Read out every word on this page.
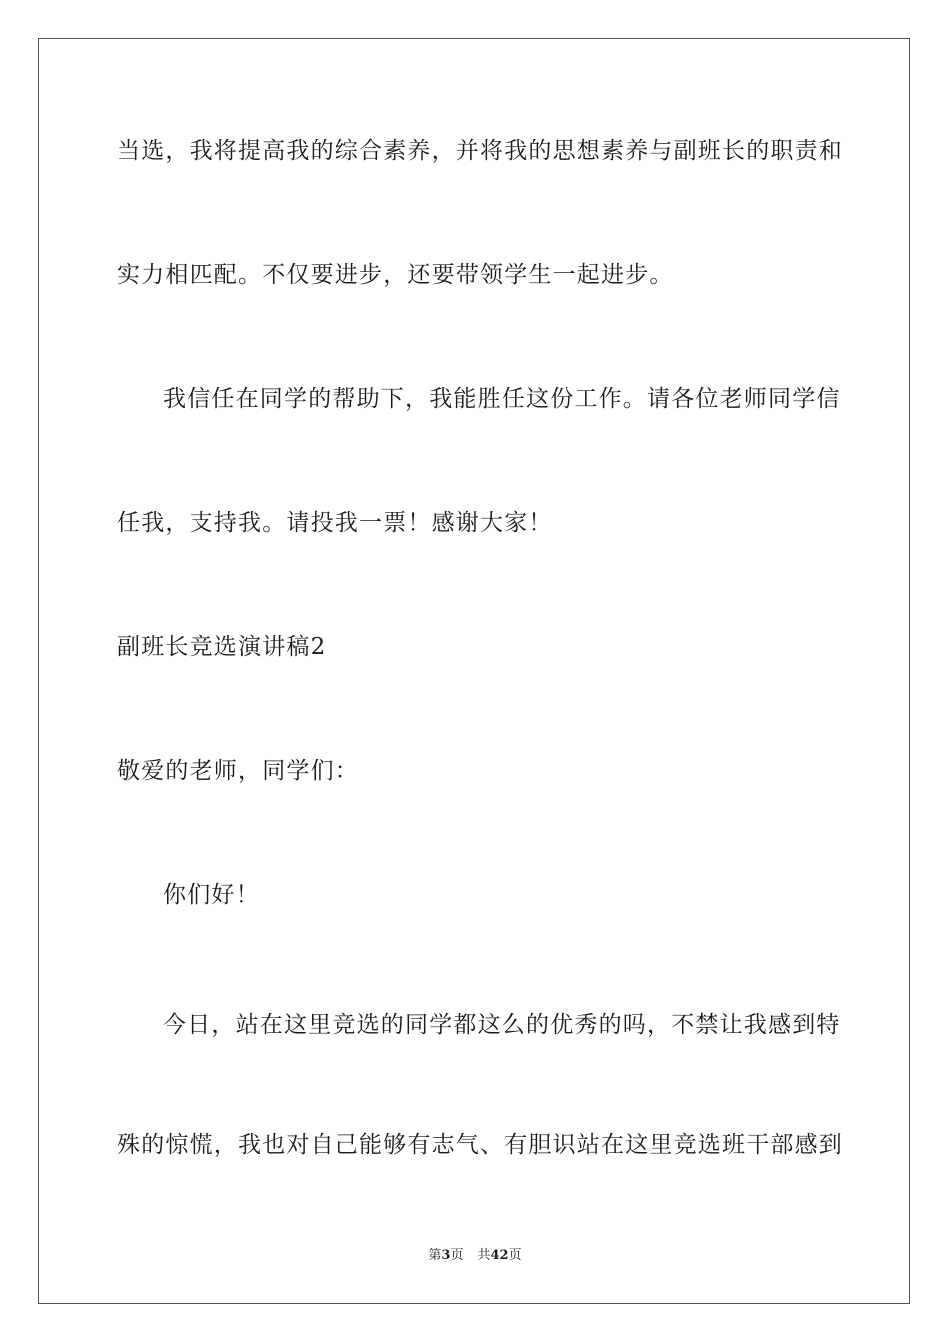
当选，我将提高我的综合素养，并将我的思想素养与副班长的职责和
实力相匹配。不仅要进步，还要带领学生一起进步。
我信任在同学的帮助下，我能胜任这份工作。请各位老师同学信
任我，支持我。请投我一票！感谢大家！
副班长竞选演讲稿2
敬爱的老师，同学们：
你们好！
今日，站在这里竞选的同学都这么的优秀的吗，不禁让我感到特
殊的惊慌，我也对自己能够有志气、有胆识站在这里竞选班干部感到
第3页 共42页
